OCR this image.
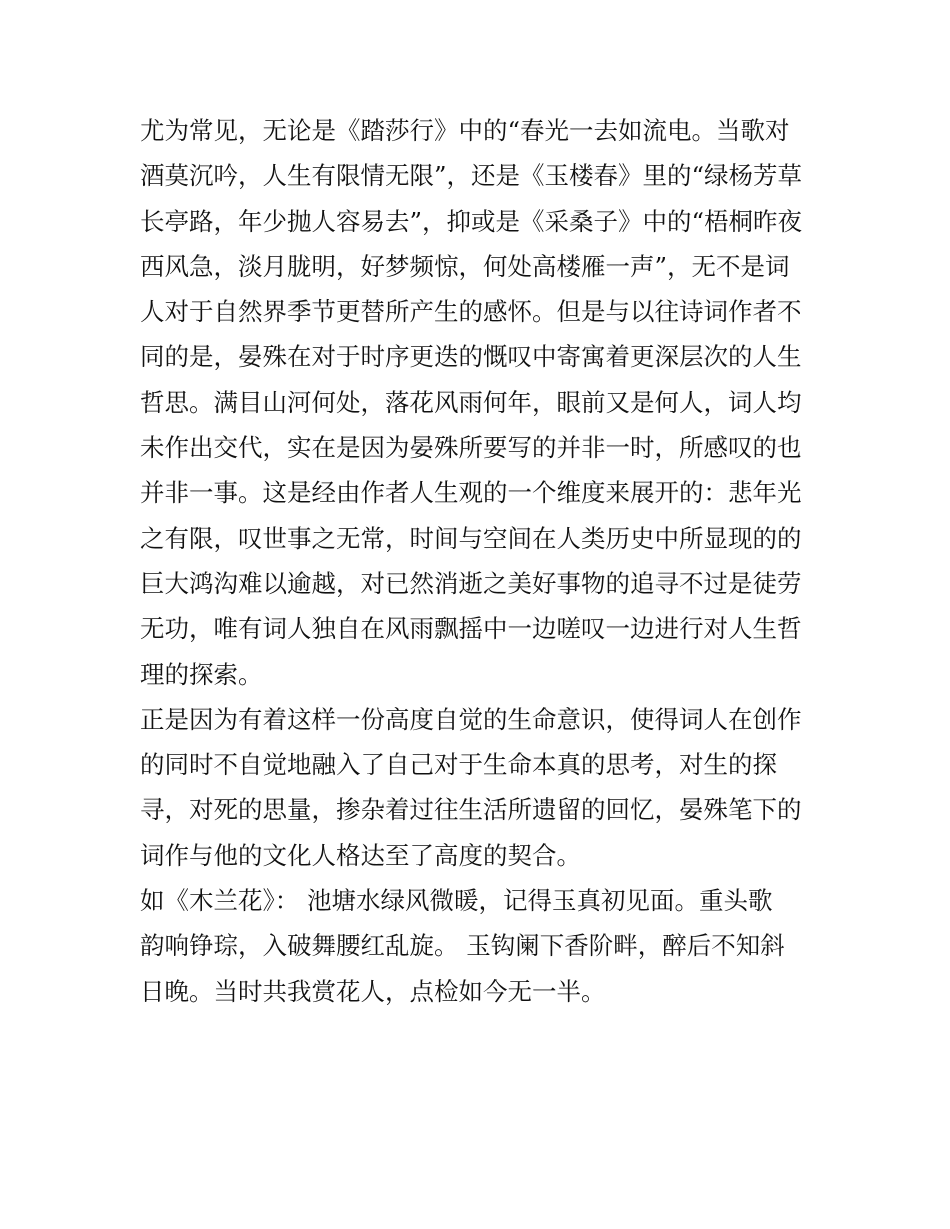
尤为常见，无论是《踏莎行》中的“春光一去如流电。当歌对
酒莫沉吟，人生有限情无限”，还是《玉楼春》里的“绿杨芳草
长亭路，年少抛人容易去”，抑或是《采桑子》中的“梧桐昨夜
西风急，淡月胧明，好梦频惊，何处高楼雁一声”，无不是词
人对于自然界季节更替所产生的感怀。但是与以往诗词作者不
同的是，晏殊在对于时序更迭的慨叹中寄寓着更深层次的人生
哲思。满目山河何处，落花风雨何年，眼前又是何人，词人均
未作出交代，实在是因为晏殊所要写的并非一时，所感叹的也
并非一事。这是经由作者人生观的一个维度来展开的：悲年光
之有限，叹世事之无常，时间与空间在人类历史中所显现的的
巨大鸿沟难以逾越，对已然消逝之美好事物的追寻不过是徒劳
无功，唯有词人独自在风雨飘摇中一边嗟叹一边进行对人生哲
理的探索。
正是因为有着这样一份高度自觉的生命意识，使得词人在创作
的同时不自觉地融入了自己对于生命本真的思考，对生的探
寻，对死的思量，掺杂着过往生活所遗留的回忆，晏殊笔下的
词作与他的文化人格达至了高度的契合。
如《木兰花》： 池塘水绿风微暖，记得玉真初见面。重头歌
韵响铮琮，入破舞腰红乱旋。 玉钩阑下香阶畔，醉后不知斜
日晚。当时共我赏花人，点检如今无一半。
